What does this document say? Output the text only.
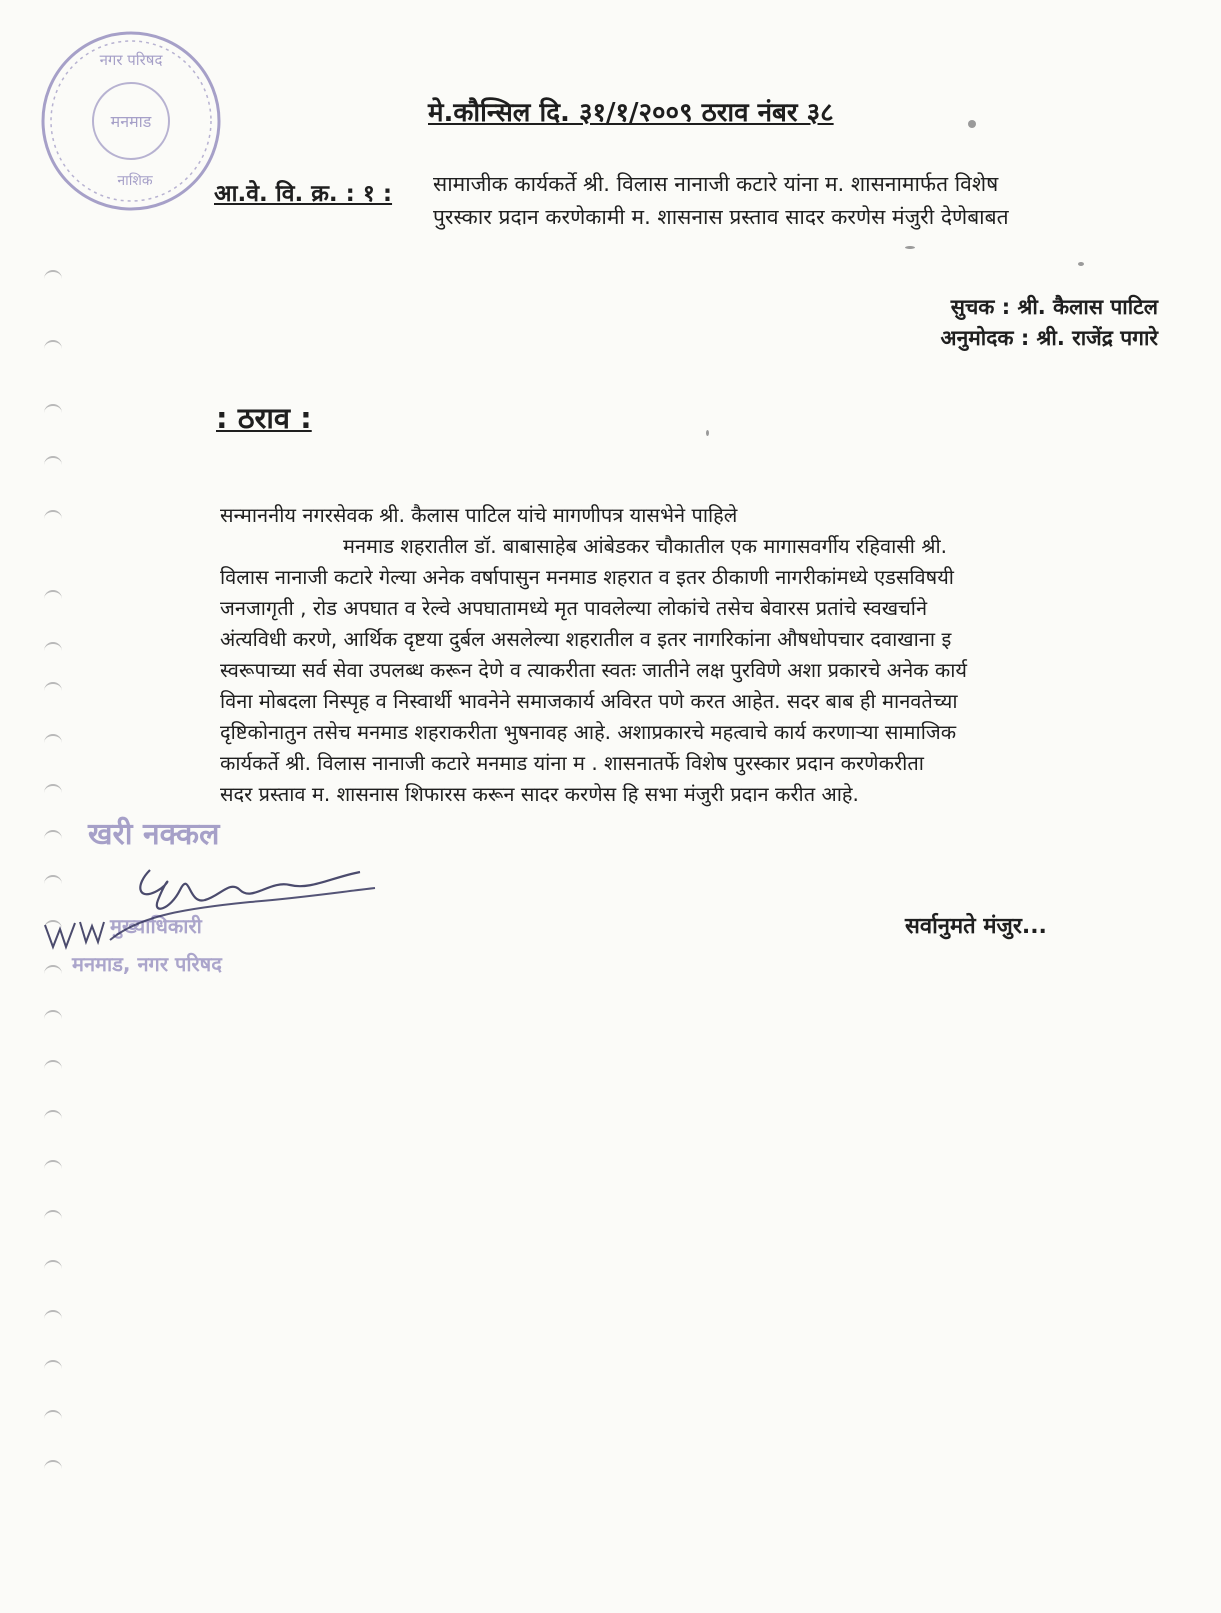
नगर परिषद
मनमाड
नाशिक
मे.कौन्सिल दि. ३१/१/२००९ ठराव नंबर ३८
आ.वे. वि. क्र. : १ :	सामाजीक कार्यकर्ते श्री. विलास नानाजी कटारे यांना म. शासनामार्फत विशेष
पुरस्कार प्रदान करणेकामी म. शासनास प्रस्ताव सादर करणेस मंजुरी देणेबाबत
सुचक : श्री. कैलास पाटिल
अनुमोदक : श्री. राजेंद्र पगारे
: ठराव :
सन्माननीय नगरसेवक श्री. कैलास पाटिल यांचे मागणीपत्र यासभेने पाहिले
मनमाड शहरातील डॉ. बाबासाहेब आंबेडकर चौकातील एक मागासवर्गीय रहिवासी श्री.
विलास नानाजी कटारे गेल्या अनेक वर्षापासुन मनमाड शहरात व इतर ठीकाणी नागरीकांमध्ये एडसविषयी
जनजागृती , रोड अपघात व रेल्वे अपघातामध्ये मृत पावलेल्या लोकांचे तसेच बेवारस प्रतांचे स्वखर्चाने
अंत्यविधी करणे, आर्थिक दृष्टया दुर्बल असलेल्या शहरातील व इतर नागरिकांना औषधोपचार दवाखाना इ
स्वरूपाच्या सर्व सेवा उपलब्ध करून देणे व त्याकरीता स्वतः जातीने लक्ष पुरविणे अशा प्रकारचे अनेक कार्य
विना मोबदला निस्पृह व निस्वार्थी भावनेने समाजकार्य अविरत पणे करत आहेत. सदर बाब ही मानवतेच्या
दृष्टिकोनातुन तसेच मनमाड शहराकरीता भुषनावह आहे. अशाप्रकारचे महत्वाचे कार्य करणाऱ्या सामाजिक
कार्यकर्ते श्री. विलास नानाजी कटारे मनमाड यांना म . शासनातर्फे विशेष पुरस्कार प्रदान करणेकरीता
सदर प्रस्ताव म. शासनास शिफारस करून सादर करणेस हि सभा मंजुरी प्रदान करीत आहे.
सर्वानुमते मंजुर...
खरी नक्कल
मुख्याधिकारी
मनमाड, नगर परिषद
